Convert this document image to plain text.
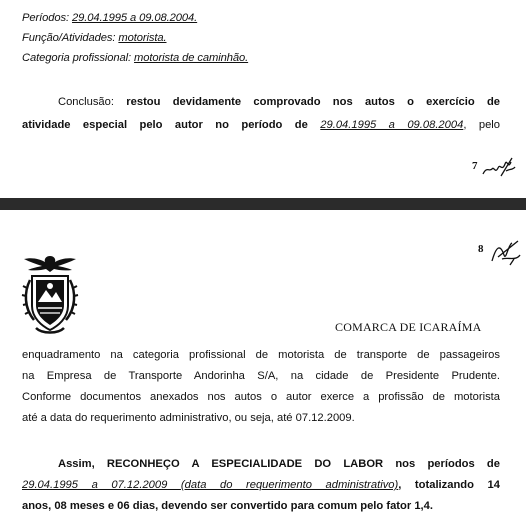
Períodos: 29.04.1995 a 09.08.2004.
Função/Atividades: motorista.
Categoria profissional: motorista de caminhão.
Conclusão: restou devidamente comprovado nos autos o exercício de
atividade especial pelo autor no período de 29.04.1995 a 09.08.2004, pelo
7
8
COMARCA DE ICARAÍMA
enquadramento na categoria profissional de motorista de transporte de passageiros
na Empresa de Transporte Andorinha S/A, na cidade de Presidente Prudente.
Conforme documentos anexados nos autos o autor exerce a profissão de motorista
até a data do requerimento administrativo, ou seja, até 07.12.2009.
Assim, RECONHEÇO A ESPECIALIDADE DO LABOR nos períodos de
29.04.1995 a 07.12.2009 (data do requerimento administrativo), totalizando 14
anos, 08 meses e 06 dias, devendo ser convertido para comum pelo fator 1,4.
